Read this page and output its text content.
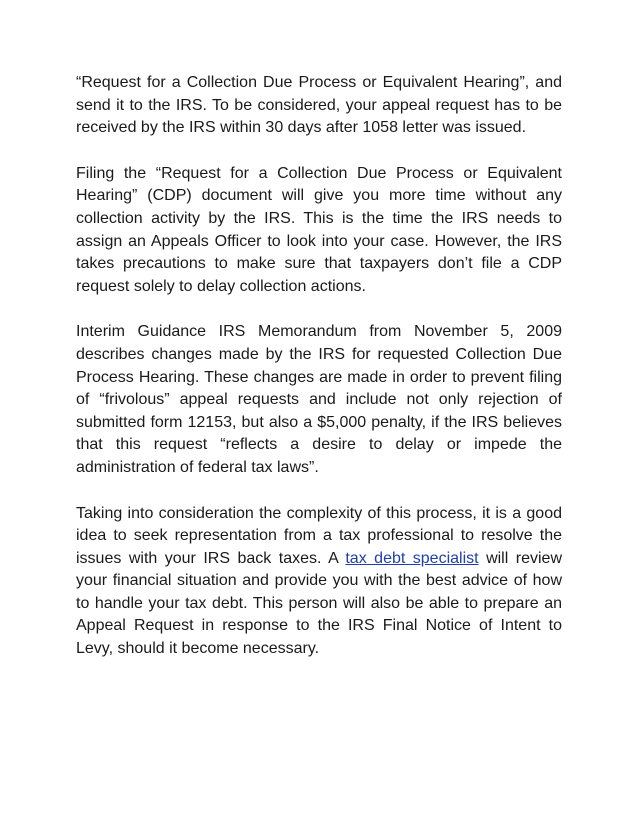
“Request for a Collection Due Process or Equivalent Hearing”, and send it to the IRS. To be considered, your appeal request has to be received by the IRS within 30 days after 1058 letter was issued.

Filing the “Request for a Collection Due Process or Equivalent Hearing” (CDP) document will give you more time without any collection activity by the IRS. This is the time the IRS needs to assign an Appeals Officer to look into your case. However, the IRS takes precautions to make sure that taxpayers don’t file a CDP request solely to delay collection actions.

Interim Guidance IRS Memorandum from November 5, 2009 describes changes made by the IRS for requested Collection Due Process Hearing. These changes are made in order to prevent filing of “frivolous” appeal requests and include not only rejection of submitted form 12153, but also a $5,000 penalty, if the IRS believes that this request “reflects a desire to delay or impede the administration of federal tax laws”.

Taking into consideration the complexity of this process, it is a good idea to seek representation from a tax professional to resolve the issues with your IRS back taxes. A tax debt specialist will review your financial situation and provide you with the best advice of how to handle your tax debt. This person will also be able to prepare an Appeal Request in response to the IRS Final Notice of Intent to Levy, should it become necessary.
